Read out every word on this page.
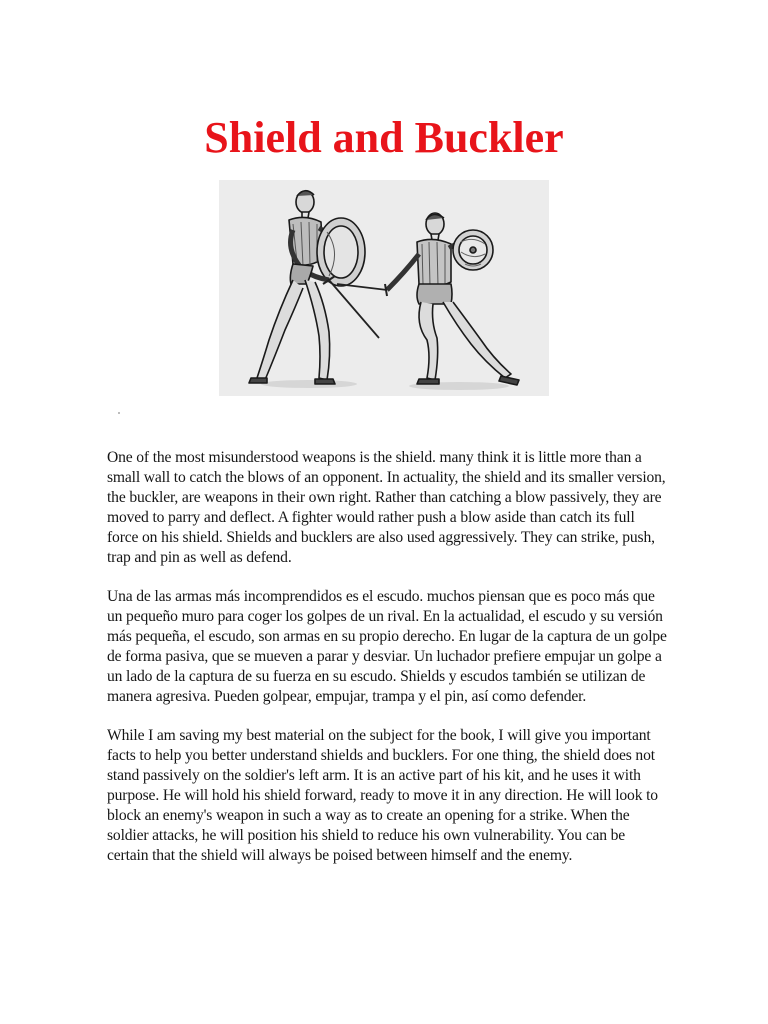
Shield and Buckler

One of the most misunderstood weapons is the shield. many think it is little more than a small wall to catch the blows of an opponent. In actuality, the shield and its smaller version, the buckler, are weapons in their own right. Rather than catching a blow passively, they are moved to parry and deflect. A fighter would rather push a blow aside than catch its full force on his shield. Shields and bucklers are also used aggressively. They can strike, push, trap and pin as well as defend.

Una de las armas más incomprendidos es el escudo. muchos piensan que es poco más que un pequeño muro para coger los golpes de un rival. En la actualidad, el escudo y su versión más pequeña, el escudo, son armas en su propio derecho. En lugar de la captura de un golpe de forma pasiva, que se mueven a parar y desviar. Un luchador prefiere empujar un golpe a un lado de la captura de su fuerza en su escudo. Shields y escudos también se utilizan de manera agresiva. Pueden golpear, empujar, trampa y el pin, así como defender.

While I am saving my best material on the subject for the book, I will give you important facts to help you better understand shields and bucklers. For one thing, the shield does not stand passively on the soldier's left arm. It is an active part of his kit, and he uses it with purpose. He will hold his shield forward, ready to move it in any direction. He will look to block an enemy's weapon in such a way as to create an opening for a strike. When the soldier attacks, he will position his shield to reduce his own vulnerability. You can be certain that the shield will always be poised between himself and the enemy.
